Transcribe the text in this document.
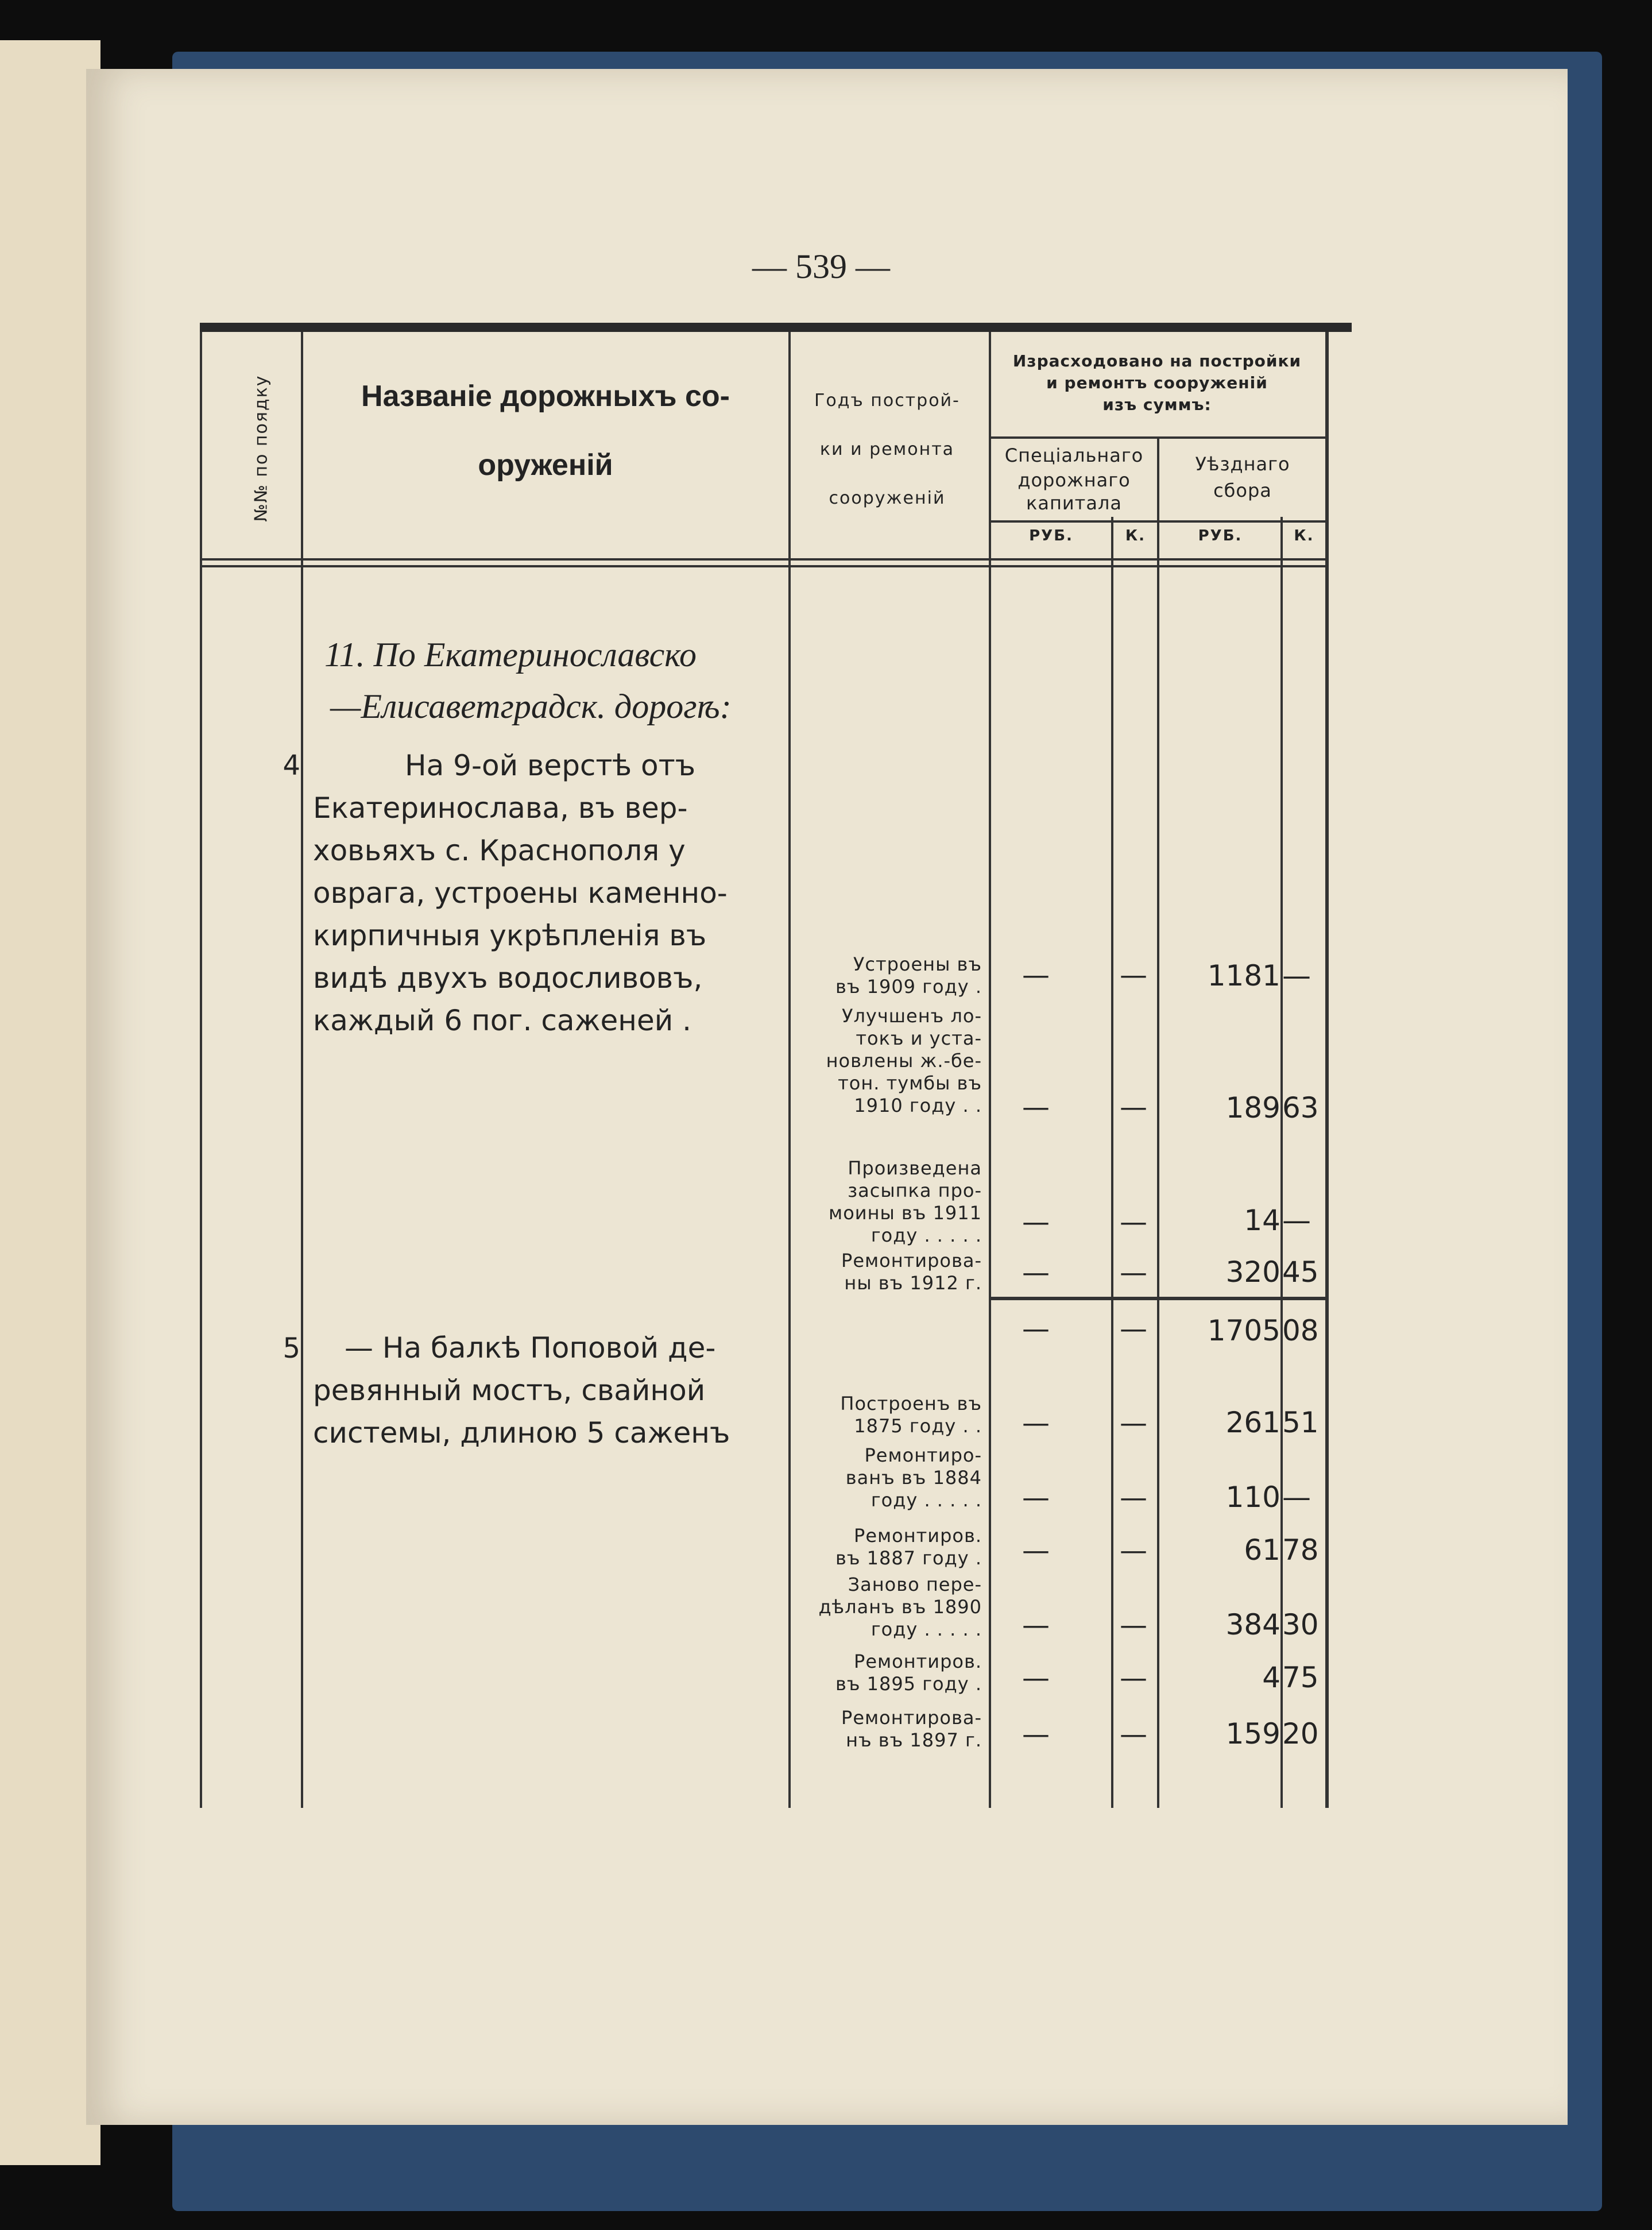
— 539 —
№№ по поядку	Названіе дорожныхъ со-
оруженій
Годъ построй-
ки и ремонта
сооруженій
Израсходовано на постройки
и ремонтъ сооруженій
изъ суммъ:
Спеціальнаго
дорожнаго
капитала
Уѣзднаго
сбора
РУБ.	К.	РУБ.	К.
11. По Екатеринославско
—Елисаветградск. дорогѣ:
4	На 9-ой верстѣ отъ
Екатеринослава, въ вер-
ховьяхъ с. Краснополя у
оврага, устроены каменно-
кирпичныя укрѣпленія въ
видѣ двухъ водосливовъ,
каждый 6 пог. саженей .
5	— На балкѣ Поповой де-
ревянный мостъ, свайной
системы, длиною 5 саженъ
Устроены въ
въ 1909 году . —	—	1181 —
Улучшенъ ло-
токъ и уста-
новлены ж.-бе-
тон. тумбы въ
1910 году . . —	—	189 63
Произведена
засыпка про-
моины въ 1911
году . . . . . —	—	14 —
Ремонтирова-
ны въ 1912 г. —	—	320 45
—	—	1705 08
Построенъ въ
1875 году . . —	—	261 51
Ремонтиро-
ванъ въ 1884
году . . . . . —	—	110 —
Ремонтиров.
въ 1887 году . —	—	61 78
Заново пере-
дѣланъ въ 1890
году . . . . . —	—	384 30
Ремонтиров.
въ 1895 году . —	—	4 75
Ремонтирова-
нъ въ 1897 г. —	—	159 20
